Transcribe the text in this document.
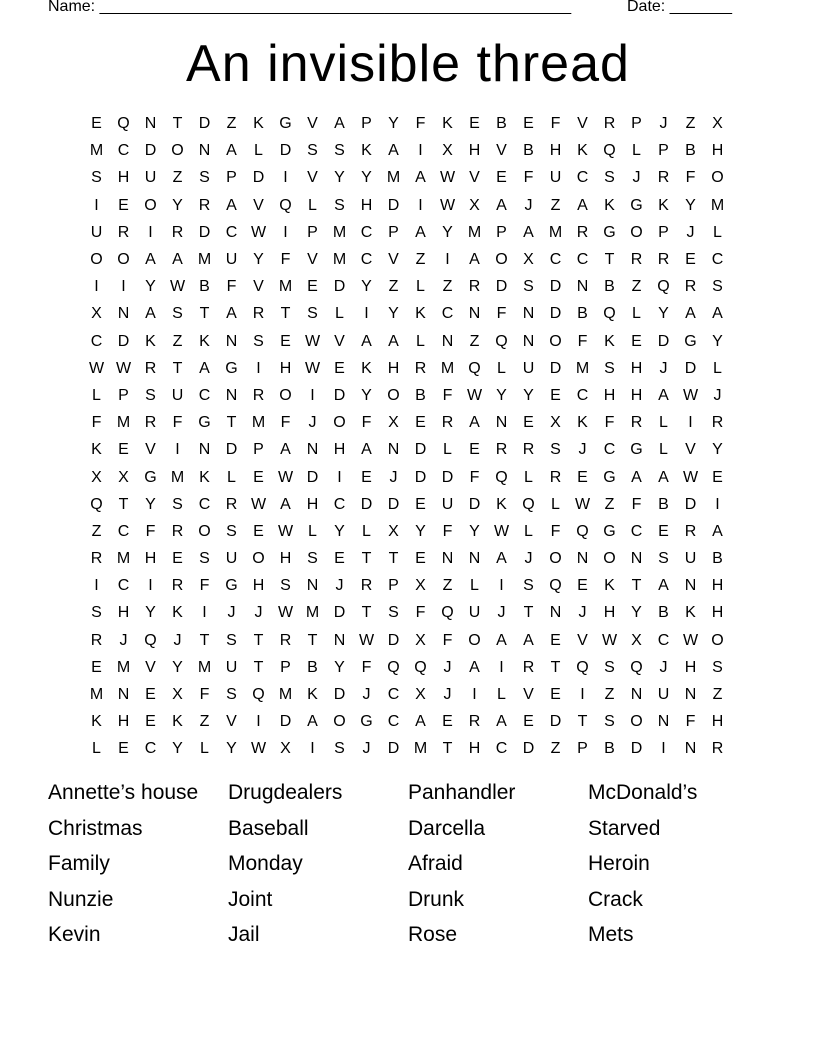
Name: _____________________________________________________	Date: _______
An invisible thread
E Q N	T	D	Z	K G V	A	P	Y	F	K	E	B	E	F	V R P	J	Z	X
M C D O N A	L	D S	S	K	A	I	X H V	B H K Q	L	P	B H
S H U	Z	S	P D	I	V	Y	Y M A W V	E	F	U C S	J	R	F O
I	E O Y R A	V Q	L	S H D	I	W X	A	J	Z	A	K G K	Y M
U R	I	R D C W	I	P M C P	A	Y M P	A M R G O P	J	L
O O A	A M U Y	F	V M C V	Z	I	A O X C C	T	R R E C
I	I	Y W B	F	V M E D Y	Z	L	Z	R D S D N B	Z Q R S
X N A	S	T	A R	T	S	L	I	Y	K C N	F	N D B Q	L	Y	A	A
C D K	Z	K N S	E W V	A	A	L	N	Z Q N O F	K	E D G Y
W W R	T	A G	I	H W E	K H R M Q	L	U D M S H	J	D	L
L	P	S U C N R O	I	D Y O B	F W Y	Y	E C H H A W J
F M R	F G T M F	J	O F	X	E R A N E	X	K	F	R	L	I	R
K	E	V	I	N D P	A N H A N D	L	E R R S	J	C G	L	V	Y
X	X G M K	L	E W D	I	E	J	D D	F Q	L	R E G A	A W E
Q T	Y	S C R W A H C D D E U D K Q	L W Z	F	B D	I
Z	C	F	R O S	E W L	Y	L	X	Y	F	Y W L	F Q G C E R A
R M H E	S U O H S	E	T	T	E N N A	J	O N O N S U B
I	C	I	R	F G H S N	J	R P	X	Z	L	I	S Q E	K	T	A N H
S H Y	K	I	J	J W M D	T	S	F Q U	J	T	N	J	H Y	B	K H
R	J	Q	J	T	S	T	R	T	N W D X	F O A	A	E	V W X C W O
E M V	Y M U	T	P	B	Y	F Q Q	J	A	I	R	T Q S Q	J	H S
M N E	X	F	S Q M K D	J	C X	J	I	L	V	E	I	Z	N U N	Z
K H E	K	Z	V	I	D A O G C A	E R A	E D	T	S O N	F	H
L	E C Y	L	Y W X	I	S	J	D M T	H C D	Z	P	B D	I	N R
Annette’s house	Drugdealers	Panhandler	McDonald’s
Christmas	Baseball	Darcella	Starved
Family	Monday	Afraid	Heroin
Nunzie	Joint	Drunk	Crack
Kevin	Jail	Rose	Mets
